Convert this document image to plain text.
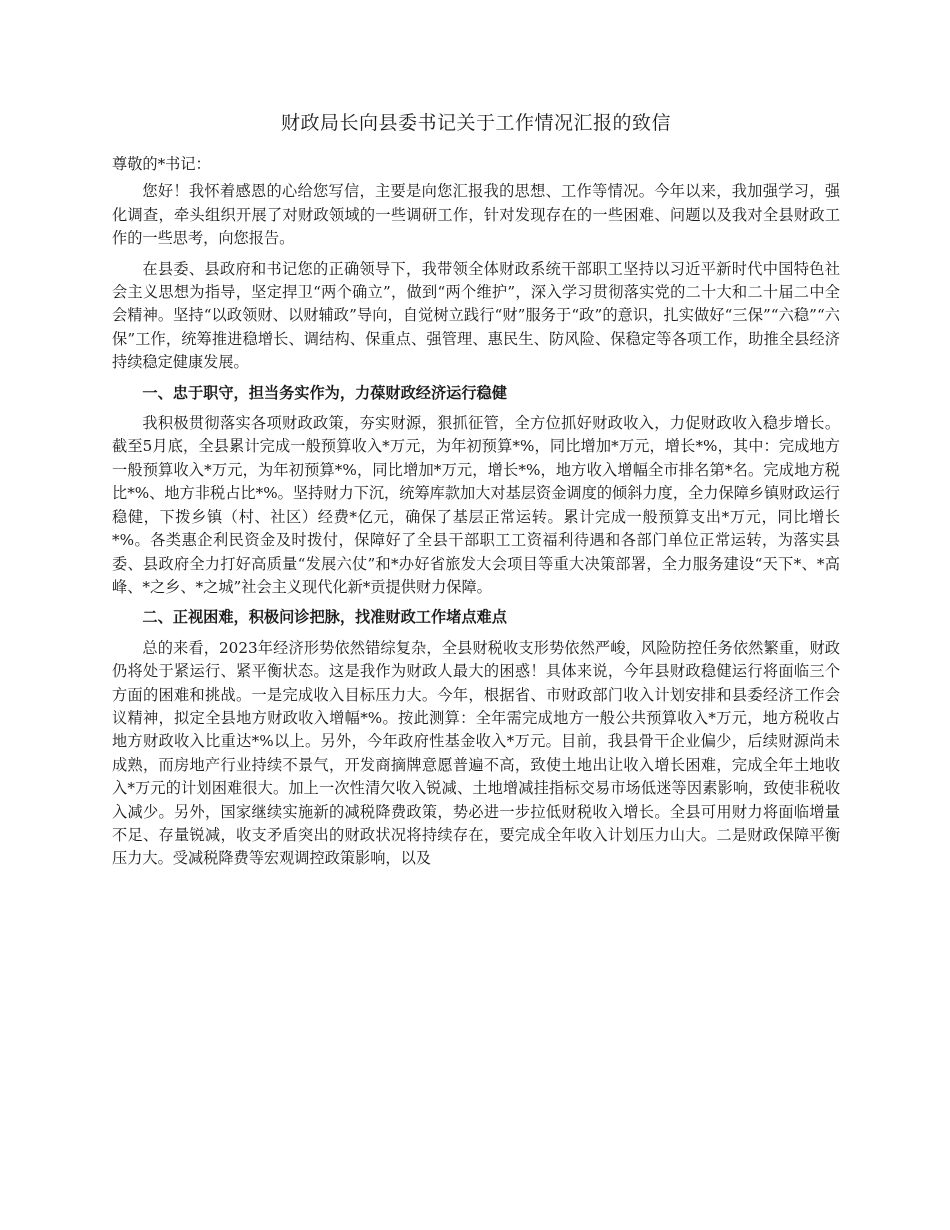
财政局长向县委书记关于工作情况汇报的致信

尊敬的*书记：

您好！我怀着感恩的心给您写信，主要是向您汇报我的思想、工作等情况。今年以来，我加强学习，强化调查，牵头组织开展了对财政领域的一些调研工作，针对发现存在的一些困难、问题以及我对全县财政工作的一些思考，向您报告。

在县委、县政府和书记您的正确领导下，我带领全体财政系统干部职工坚持以习近平新时代中国特色社会主义思想为指导，坚定捍卫“两个确立”，做到“两个维护”，深入学习贯彻落实党的二十大和二十届二中全会精神。坚持“以政领财、以财辅政”导向，自觉树立践行“财”服务于“政”的意识，扎实做好“三保”“六稳”“六保”工作，统筹推进稳增长、调结构、保重点、强管理、惠民生、防风险、保稳定等各项工作，助推全县经济持续稳定健康发展。

一、忠于职守，担当务实作为，力葆财政经济运行稳健

我积极贯彻落实各项财政政策，夯实财源，狠抓征管，全方位抓好财政收入，力促财政收入稳步增长。截至5月底，全县累计完成一般预算收入*万元，为年初预算*%，同比增加*万元，增长*%，其中：完成地方一般预算收入*万元，为年初预算*%，同比增加*万元，增长*%，地方收入增幅全市排名第*名。完成地方税比*%、地方非税占比*%。坚持财力下沉，统筹库款加大对基层资金调度的倾斜力度，全力保障乡镇财政运行稳健，下拨乡镇（村、社区）经费*亿元，确保了基层正常运转。累计完成一般预算支出*万元，同比增长*%。各类惠企利民资金及时拨付，保障好了全县干部职工工资福利待遇和各部门单位正常运转，为落实县委、县政府全力打好高质量“发展六仗”和*办好省旅发大会项目等重大决策部署，全力服务建设“天下*、*高峰、*之乡、*之城”社会主义现代化新*贡提供财力保障。

二、正视困难，积极问诊把脉，找准财政工作堵点难点

总的来看，2023年经济形势依然错综复杂，全县财税收支形势依然严峻，风险防控任务依然繁重，财政仍将处于紧运行、紧平衡状态。这是我作为财政人最大的困惑！具体来说，今年县财政稳健运行将面临三个方面的困难和挑战。一是完成收入目标压力大。今年，根据省、市财政部门收入计划安排和县委经济工作会议精神，拟定全县地方财政收入增幅*%。按此测算：全年需完成地方一般公共预算收入*万元，地方税收占地方财政收入比重达*%以上。另外，今年政府性基金收入*万元。目前，我县骨干企业偏少，后续财源尚未成熟，而房地产行业持续不景气，开发商摘牌意愿普遍不高，致使土地出让收入增长困难，完成全年土地收入*万元的计划困难很大。加上一次性清欠收入锐减、土地增减挂指标交易市场低迷等因素影响，致使非税收入减少。另外，国家继续实施新的减税降费政策，势必进一步拉低财税收入增长。全县可用财力将面临增量不足、存量锐减，收支矛盾突出的财政状况将持续存在，要完成全年收入计划压力山大。二是财政保障平衡压力大。受减税降费等宏观调控政策影响，以及
